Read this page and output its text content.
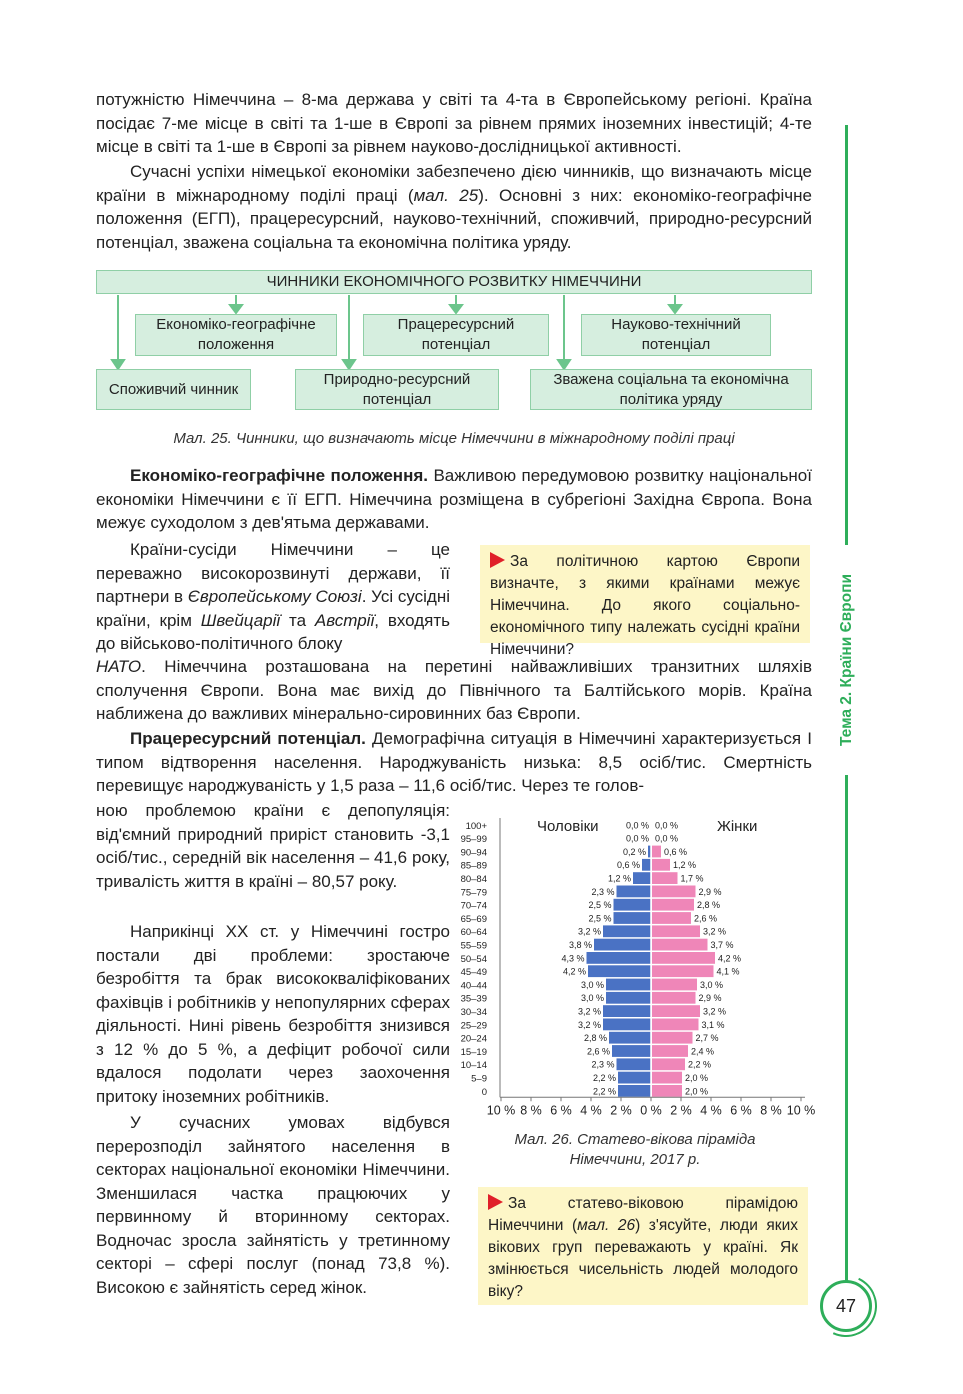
потужністю Німеччина – 8-ма держава у світі та 4-та в Європейському регіоні. Країна посідає 7-ме місце в світі та 1-ше в Європі за рівнем прямих іноземних інвестицій; 4-те місце в світі та 1-ше в Європі за рівнем науково-дослідницької активності.

Сучасні успіхи німецької економіки забезпечено дією чинників, що визначають місце країни в міжнародному поділі праці (мал. 25). Основні з них: економіко-географічне положення (ЕГП), працересурсний, науково-технічний, споживчий, природно-ресурсний потенціал, зважена соціальна та економічна політика уряду.

ЧИННИКИ ЕКОНОМІЧНОГО РОЗВИТКУ НІМЕЧЧИНИ
Економіко-географічне положення
Працересурсний потенціал
Науково-технічний потенціал
Споживчий чинник
Природно-ресурсний потенціал
Зважена соціальна та економічна політика уряду
Мал. 25. Чинники, що визначають місце Німеччини в міжнародному поділі праці

Економіко-географічне положення. Важливою передумовою розвитку національної економіки Німеччини є її ЕГП. Німеччина розміщена в субрегіоні Західна Європа. Вона межує суходолом з дев'ятьма державами.

Країни-сусіди Німеччини – це переважно високорозвинуті держави, її партнери в Європейському Союзі. Усі сусідні країни, крім Швейцарії та Австрії, входять до військово-політичного блоку

За політичною картою Європи визначте, з якими країнами межує Німеччина. До якого соціально-економічного типу належать сусідні країни Німеччини?

НАТО. Німеччина розташована на перетині найважливіших транзитних шляхів сполучення Європи. Вона має вихід до Північного та Балтійського морів. Країна наближена до важливих мінерально-сировинних баз Європи.

Працересурсний потенціал. Демографічна ситуація в Німеччині характеризується І типом відтворення населення. Народжуваність низька: 8,5 осіб/тис. Смертність перевищує народжуваність у 1,5 раза – 11,6 осіб/тис. Через те голов-

ною проблемою країни є депопуляція: від'ємний природний приріст становить -3,1 осіб/тис., середній вік населення – 41,6 року, тривалість життя в країні – 80,57 року.

Наприкінці XX ст. у Німеччині гостро постали дві проблеми: зростаюче безробіття та брак висококваліфікованих фахівців і робітників у непопулярних сферах діяльності. Нині рівень безробіття знизився з 12 % до 5 %, а дефіцит робочої сили вдалося подолати через заохочення притоку іноземних робітників.

У сучасних умовах відбувся перерозподіл зайнятого населення в секторах національної економіки Німеччини. Зменшилася частка працюючих у первинному й вторинному секторах. Водночас зросла зайнятість у третинному секторі – сфері послуг (понад 73,8 %). Високою є зайнятість серед жінок.

Чоловіки	Жінки
100+	0,0 % 0,0 %
95–99	0,0 % 0,0 %
90–94	0,2 % 0,6 %
85–89	0,6 %	1,2 %
80–84	1,2 %	1,7 %
75–79	2,3 %	2,9 %
70–74	2,5 %	2,8 %
65–69	2,5 %	2,6 %
60–64	3,2 %	3,2 %
55–59	3,8 %	3,7 %
50–54	4,3 %	4,2 %
45–49	4,2 %	4,1 %
40–44	3,0 %	3,0 %
35–39	3,0 %	2,9 %
30–34	3,2 %	3,2 %
25–29	3,2 %	3,1 %
20–24	2,8 %	2,7 %
15–19	2,6 %	2,4 %
10–14	2,3 %	2,2 %
5–9	2,2 %	2,0 %
0	2,2 %	2,0 %
10 % 8 % 6 % 4 % 2 % 0 % 2 % 4 % 6 % 8 % 10 %
Мал. 26. Статево-вікова піраміда Німеччини, 2017 р.
За статево-віковою пірамідою Німеччини (мал. 26) з'ясуйте, люди яких вікових груп переважають у країні. Як змінюється чисельність людей молодого віку?
Тема 2. Країни Європи
47
